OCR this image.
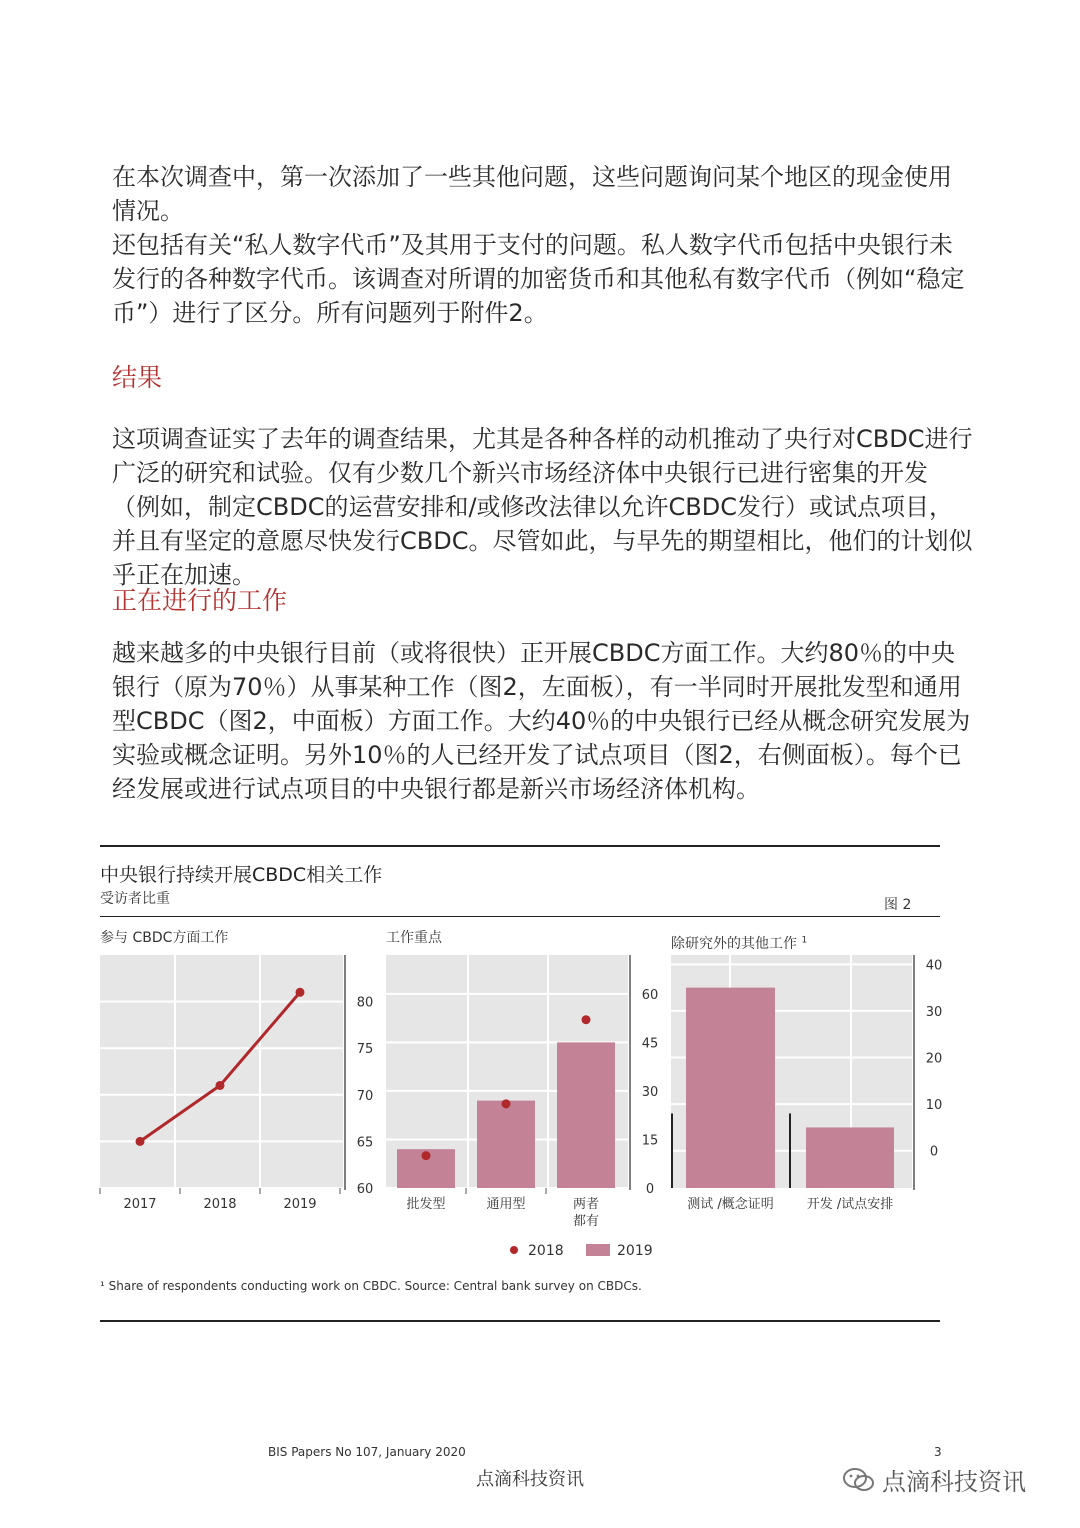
在本次调查中，第一次添加了一些其他问题，这些问题询问某个地区的现金使用情况。
还包括有关“私人数字代币”及其用于支付的问题。私人数字代币包括中央银行未发行的各种数字代币。该调查对所谓的加密货币和其他私有数字代币（例如“稳定币”）进行了区分。所有问题列于附件2。
结果
这项调查证实了去年的调查结果，尤其是各种各样的动机推动了央行对CBDC进行广泛的研究和试验。仅有少数几个新兴市场经济体中央银行已进行密集的开发（例如，制定CBDC的运营安排和/或修改法律以允许CBDC发行）或试点项目，并且有坚定的意愿尽快发行CBDC。尽管如此，与早先的期望相比，他们的计划似乎正在加速。
正在进行的工作
越来越多的中央银行目前（或将很快）正开展CBDC方面工作。大约80％的中央银行（原为70％）从事某种工作（图2，左面板），有一半同时开展批发型和通用型CBDC（图2，中面板）方面工作。大约40％的中央银行已经从概念研究发展为实验或概念证明。另外10％的人已经开发了试点项目（图2，右侧面板）。每个已经发展或进行试点项目的中央银行都是新兴市场经济体机构。
中央银行持续开展CBDC相关工作
受访者比重	图 2
参与 CBDC方面工作	工作重点	除研究外的其他工作 $^1$
60
65
70
75
80
2017	2018	2019
0
15
30
45
60
批发型	通用型	两者
都有
0
10
20
30
40
测试 /概念证明	开发 /试点安排
2018	2019
¹ Share of respondents conducting work on CBDC. Source: Central bank survey on CBDCs.
BIS Papers No 107, January 2020	3
点滴科技资讯	点滴科技资讯
